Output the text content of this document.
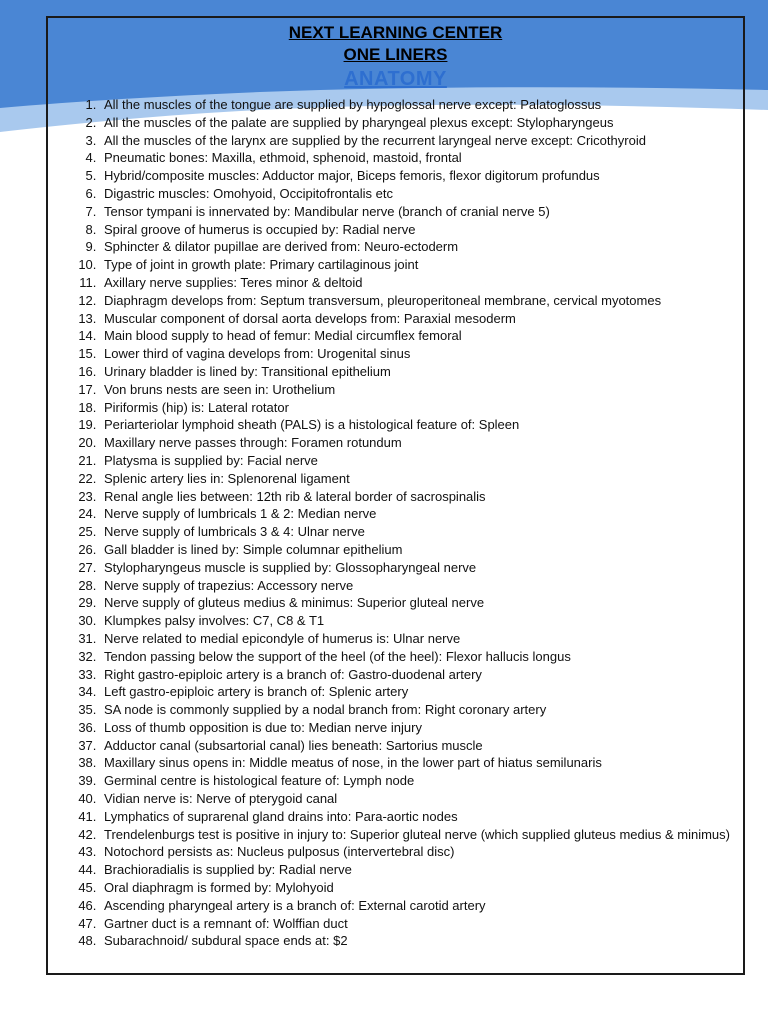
NEXT LEARNING CENTER
ONE LINERS
ANATOMY
1. All the muscles of the tongue are supplied by hypoglossal nerve except: Palatoglossus
2. All the muscles of the palate are supplied by pharyngeal plexus except: Stylopharyngeus
3. All the muscles of the larynx are supplied by the recurrent laryngeal nerve except: Cricothyroid
4. Pneumatic bones: Maxilla, ethmoid, sphenoid, mastoid, frontal
5. Hybrid/composite muscles: Adductor major, Biceps femoris, flexor digitorum profundus
6. Digastric muscles: Omohyoid, Occipitofrontalis etc
7. Tensor tympani is innervated by: Mandibular nerve (branch of cranial nerve 5)
8. Spiral groove of humerus is occupied by: Radial nerve
9. Sphincter & dilator pupillae are derived from: Neuro-ectoderm
10. Type of joint in growth plate: Primary cartilaginous joint
11. Axillary nerve supplies: Teres minor & deltoid
12. Diaphragm develops from: Septum transversum, pleuroperitoneal membrane, cervical myotomes
13. Muscular component of dorsal aorta develops from: Paraxial mesoderm
14. Main blood supply to head of femur: Medial circumflex femoral
15. Lower third of vagina develops from: Urogenital sinus
16. Urinary bladder is lined by: Transitional epithelium
17. Von bruns nests are seen in: Urothelium
18. Piriformis (hip) is: Lateral rotator
19. Periarteriolar lymphoid sheath (PALS) is a histological feature of: Spleen
20. Maxillary nerve passes through: Foramen rotundum
21. Platysma is supplied by: Facial nerve
22. Splenic artery lies in: Splenorenal ligament
23. Renal angle lies between: 12th rib & lateral border of sacrospinalis
24. Nerve supply of lumbricals 1 & 2: Median nerve
25. Nerve supply of lumbricals 3 & 4: Ulnar nerve
26. Gall bladder is lined by: Simple columnar epithelium
27. Stylopharyngeus muscle is supplied by: Glossopharyngeal nerve
28. Nerve supply of trapezius: Accessory nerve
29. Nerve supply of gluteus medius & minimus: Superior gluteal nerve
30. Klumpkes palsy involves: C7, C8 & T1
31. Nerve related to medial epicondyle of humerus is: Ulnar nerve
32. Tendon passing below the support of the heel (of the heel): Flexor hallucis longus
33. Right gastro-epiploic artery is a branch of: Gastro-duodenal artery
34. Left gastro-epiploic artery is branch of: Splenic artery
35. SA node is commonly supplied by a nodal branch from: Right coronary artery
36. Loss of thumb opposition is due to: Median nerve injury
37. Adductor canal (subsartorial canal) lies beneath: Sartorius muscle
38. Maxillary sinus opens in: Middle meatus of nose, in the lower part of hiatus semilunaris
39. Germinal centre is histological feature of: Lymph node
40. Vidian nerve is: Nerve of pterygoid canal
41. Lymphatics of suprarenal gland drains into: Para-aortic nodes
42. Trendelenburgs test is positive in injury to: Superior gluteal nerve (which supplied gluteus medius & minimus)
43. Notochord persists as: Nucleus pulposus (intervertebral disc)
44. Brachioradialis is supplied by: Radial nerve
45. Oral diaphragm is formed by: Mylohyoid
46. Ascending pharyngeal artery is a branch of: External carotid artery
47. Gartner duct is a remnant of: Wolffian duct
48. Subarachnoid/ subdural space ends at: $2
